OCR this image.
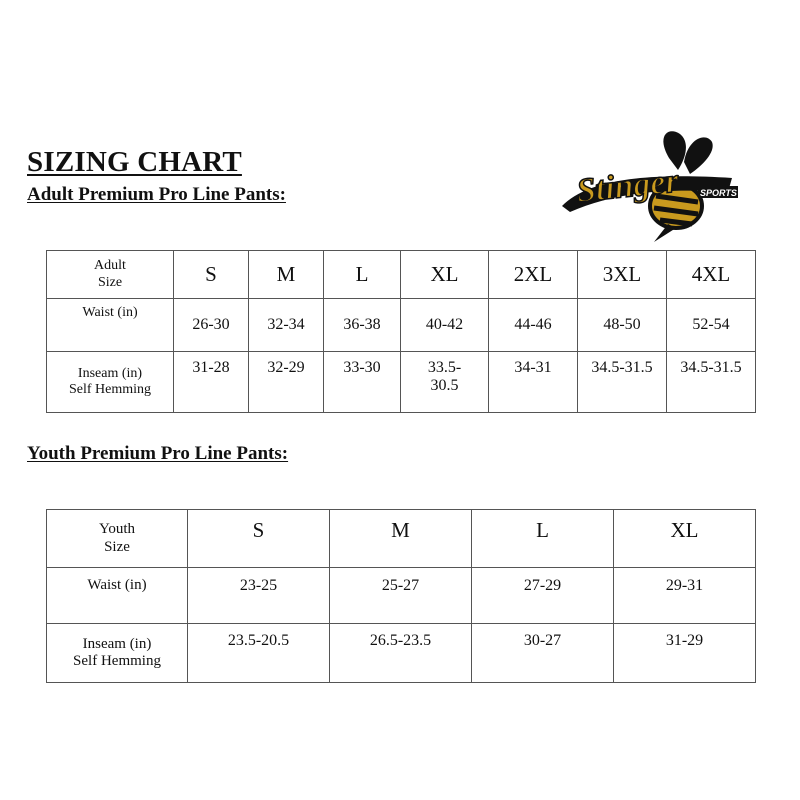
SIZING CHART
Adult Premium Pro Line Pants:	Stinger SPORTS
Adult
Size	S	M	L	XL	2XL	3XL	4XL
Waist (in)	26-30	32-34	36-38	40-42	44-46	48-50	52-54

Inseam (in)
Self Hemming	31-28	32-29	33-30	33.5-
30.5	34-31	34.5-31.5	34.5-31.5
Youth Premium Pro Line Pants:
Youth
Size	S	M	L	XL
Waist (in)	23-25	25-27	27-29	29-31

Inseam (in)
Self Hemming	23.5-20.5	26.5-23.5	30-27	31-29
